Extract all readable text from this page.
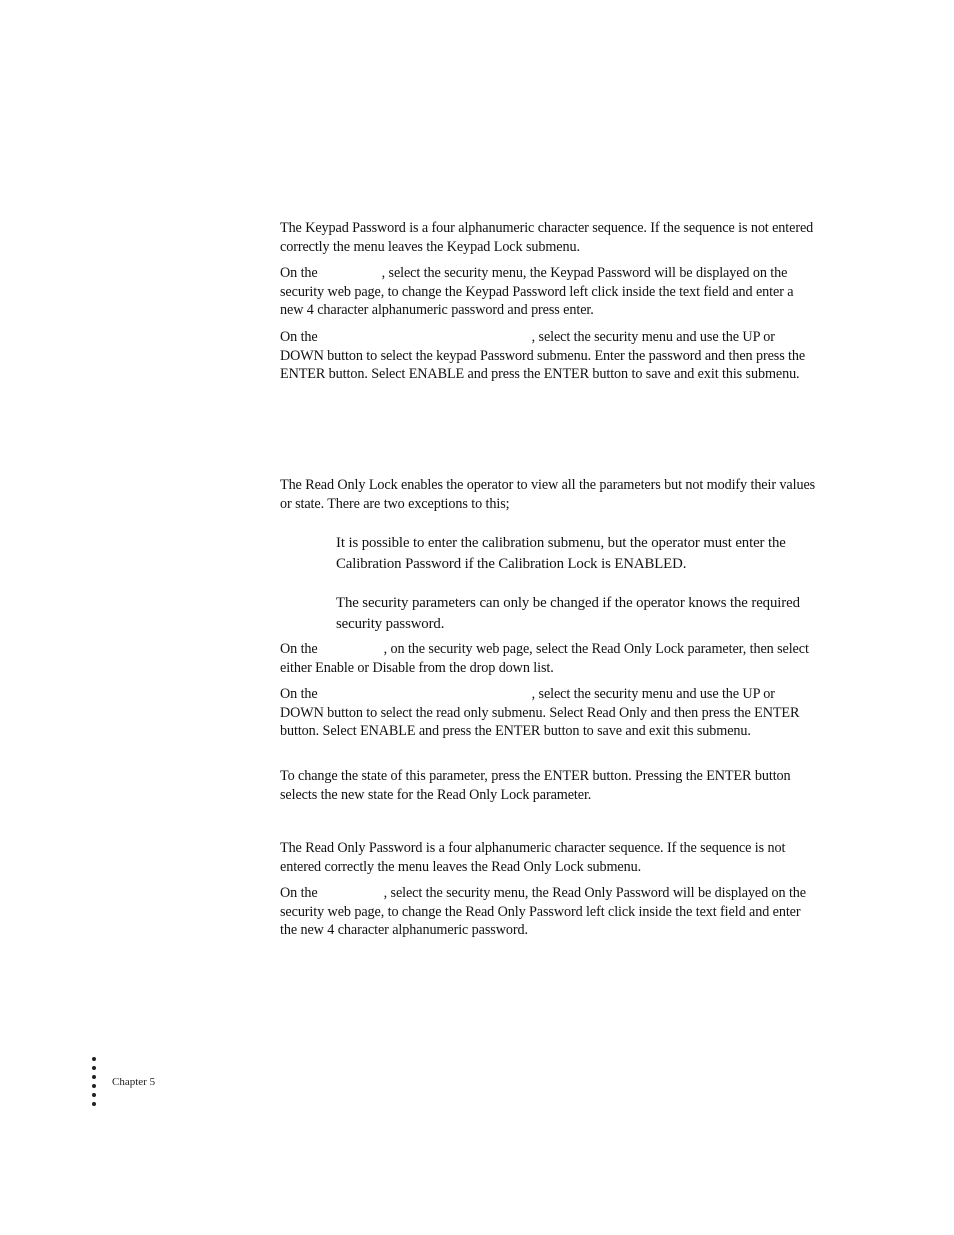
The Keypad Password is a four alphanumeric character sequence. If the sequence is not entered correctly the menu leaves the Keypad Lock submenu.

On the	, select the security menu, the Keypad Password will be displayed on the security web page, to change the Keypad Password left click inside the text field and enter a new 4 character alphanumeric password and press enter.

On the	, select the security menu and use the UP or DOWN button to select the keypad Password submenu. Enter the password and then press the ENTER button. Select ENABLE and press the ENTER button to save and exit this submenu.

The Read Only Lock enables the operator to view all the parameters but not modify their values or state. There are two exceptions to this;

It is possible to enter the calibration submenu, but the operator must enter the Calibration Password if the Calibration Lock is ENABLED.

The security parameters can only be changed if the operator knows the required security password.

On the	, on the security web page, select the Read Only Lock parameter, then select either Enable or Disable from the drop down list.

On the	, select the security menu and use the UP or DOWN button to select the read only submenu. Select Read Only and then press the ENTER button. Select ENABLE and press the ENTER button to save and exit this submenu.

To change the state of this parameter, press the ENTER button. Pressing the ENTER button selects the new state for the Read Only Lock parameter.

The Read Only Password is a four alphanumeric character sequence. If the sequence is not entered correctly the menu leaves the Read Only Lock submenu.

On the	, select the security menu, the Read Only Password will be displayed on the security web page, to change the Read Only Password left click inside the text field and enter the new 4 character alphanumeric password.

Chapter 5
